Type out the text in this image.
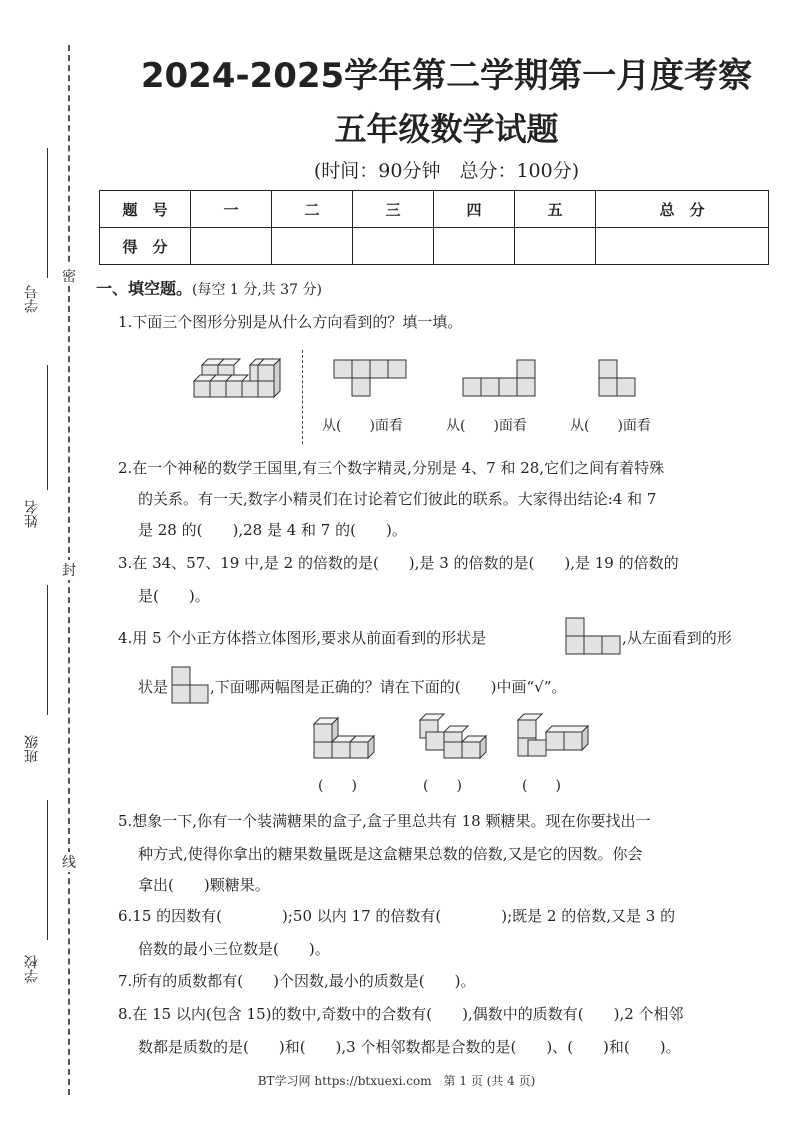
密
封
线
学号
姓名
班级
学校
2024-2025学年第二学期第一月度考察
五年级数学试题
(时间：90分钟　总分：100分)
题　号	一	二	三	四	五	总　分
得　分						
一、填空题。(每空 1 分,共 37 分)
1.下面三个图形分别是从什么方向看到的？填一填。
从(　　)面看	从(　　)面看	从(　　)面看
2.在一个神秘的数学王国里,有三个数字精灵,分别是 4、7 和 28,它们之间有着特殊
的关系。有一天,数字小精灵们在讨论着它们彼此的联系。大家得出结论:4 和 7
是 28 的(　　),28 是 4 和 7 的(　　)。
3.在 34、57、19 中,是 2 的倍数的是(　　),是 3 的倍数的是(　　),是 19 的倍数的
是(　　)。
4.用 5 个小正方体搭立体图形,要求从前面看到的形状是	,从左面看到的形
状是	,下面哪两幅图是正确的？请在下面的(　　)中画“√”。
(　　)	(　　)	(　　)
5.想象一下,你有一个装满糖果的盒子,盒子里总共有 18 颗糖果。现在你要找出一
种方式,使得你拿出的糖果数量既是这盒糖果总数的倍数,又是它的因数。你会
拿出(　　)颗糖果。
6.15 的因数有(　　　　);50 以内 17 的倍数有(　　　　);既是 2 的倍数,又是 3 的
倍数的最小三位数是(　　)。
7.所有的质数都有(　　)个因数,最小的质数是(　　)。
8.在 15 以内(包含 15)的数中,奇数中的合数有(　　),偶数中的质数有(　　),2 个相邻
数都是质数的是(　　)和(　　),3 个相邻数都是合数的是(　　)、(　　)和(　　)。
BT学习网 https://btxuexi.com　第 1 页 (共 4 页)
